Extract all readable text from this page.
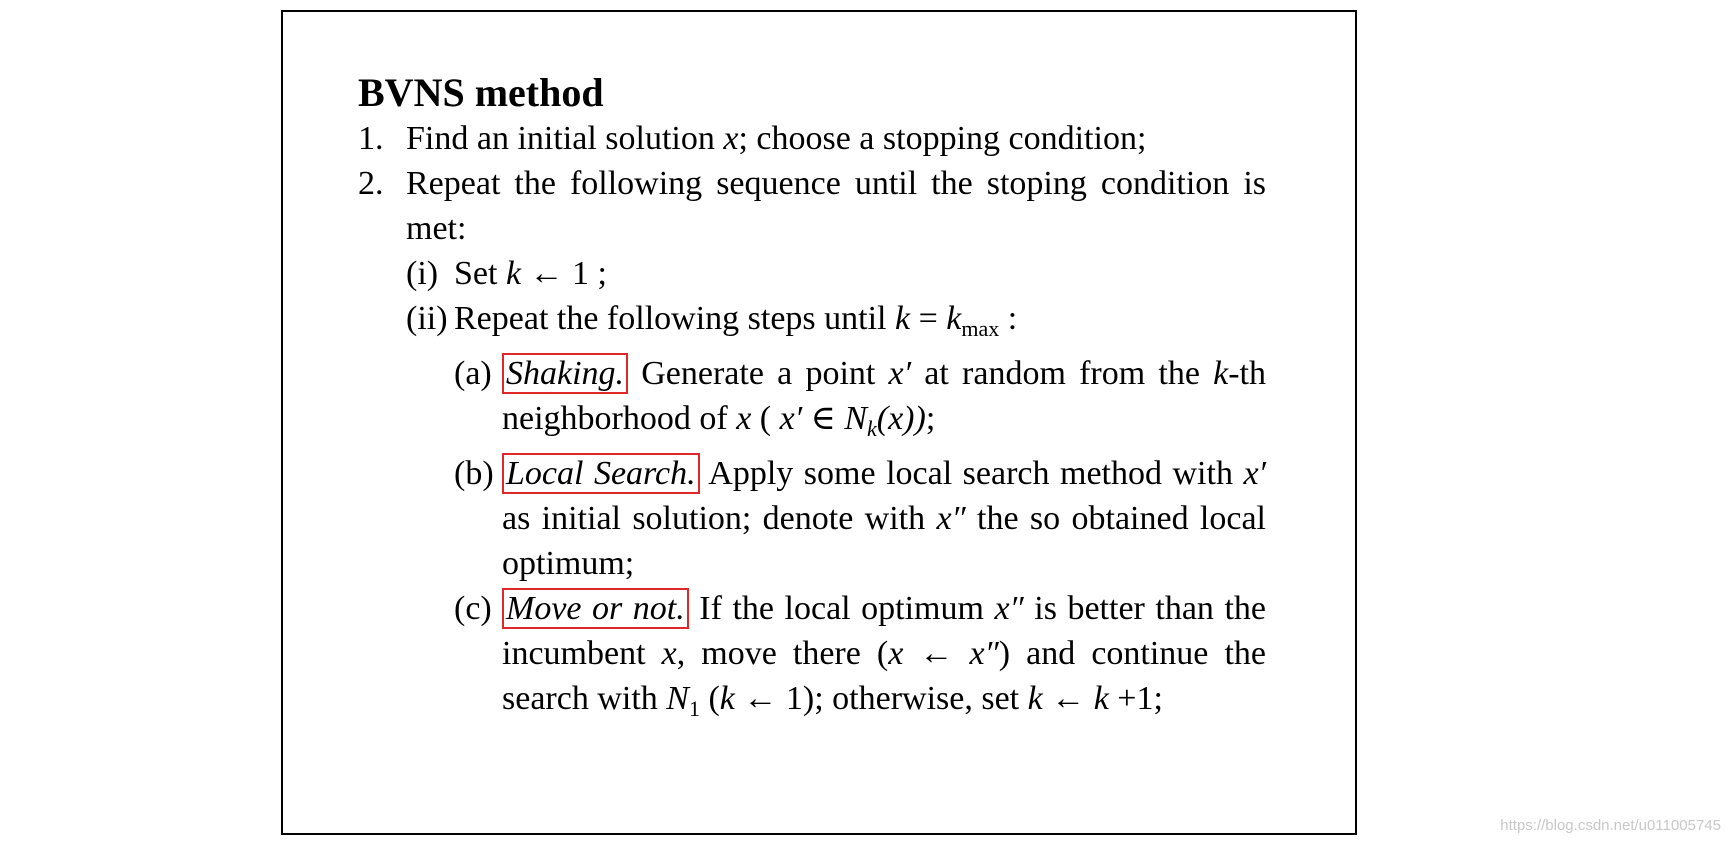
BVNS method
1. Find an initial solution x; choose a stopping condition;
2. Repeat the following sequence until the stoping condition is met:
(i) Set k ← 1 ;
(ii) Repeat the following steps until $k = k_{max}$ :
(a) Shaking. Generate a point x′ at random from the k-th neighborhood of x ( x′ ∈ $N_k(x)$);
(b) Local Search. Apply some local search method with x′ as initial solution; denote with x″ the so obtained local optimum;
(c) Move or not. If the local optimum x″ is better than the incumbent x, move there (x ← x″) and continue the search with $N_1$ (k ← 1); otherwise, set k ← k +1;
https://blog.csdn.net/u011005745
